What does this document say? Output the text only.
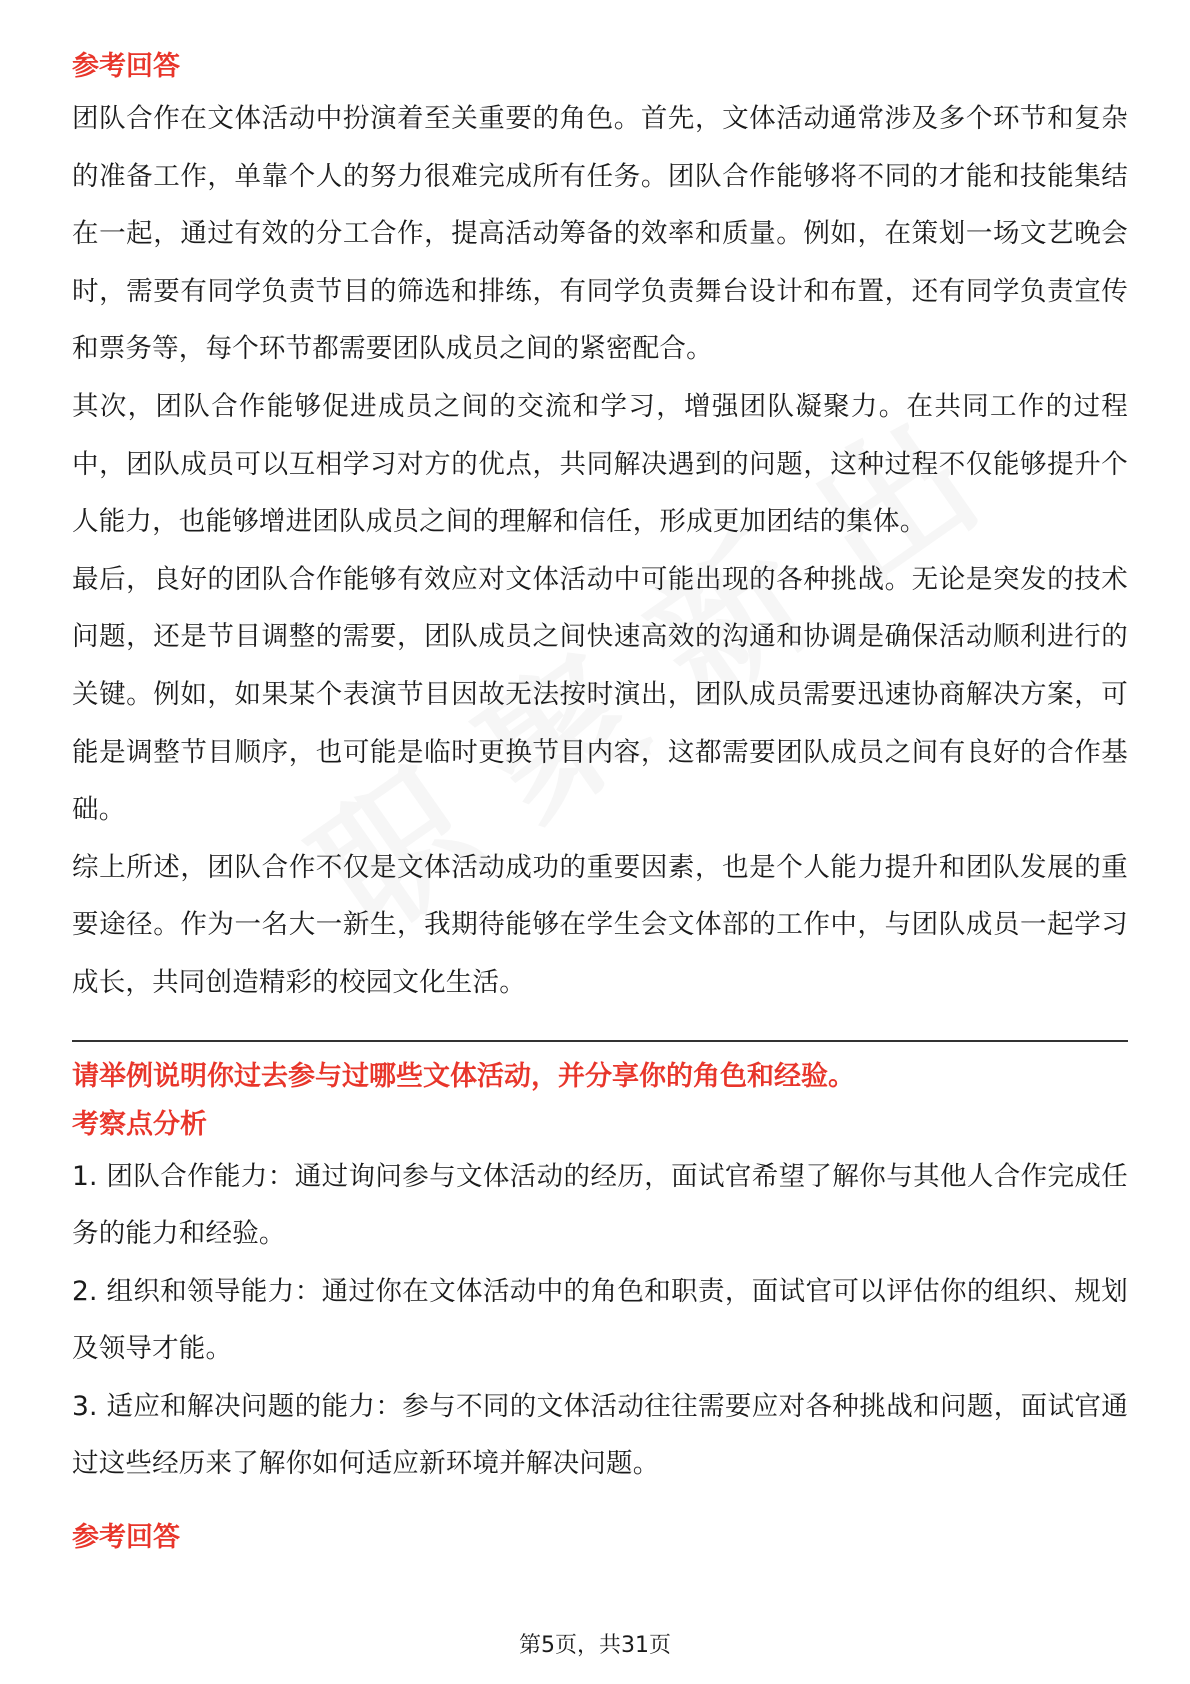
参考回答

团队合作在文体活动中扮演着至关重要的角色。首先，文体活动通常涉及多个环节和复杂的准备工作，单靠个人的努力很难完成所有任务。团队合作能够将不同的才能和技能集结在一起，通过有效的分工合作，提高活动筹备的效率和质量。例如，在策划一场文艺晚会时，需要有同学负责节目的筛选和排练，有同学负责舞台设计和布置，还有同学负责宣传和票务等，每个环节都需要团队成员之间的紧密配合。

其次，团队合作能够促进成员之间的交流和学习，增强团队凝聚力。在共同工作的过程中，团队成员可以互相学习对方的优点，共同解决遇到的问题，这种过程不仅能够提升个人能力，也能够增进团队成员之间的理解和信任，形成更加团结的集体。

最后，良好的团队合作能够有效应对文体活动中可能出现的各种挑战。无论是突发的技术问题，还是节目调整的需要，团队成员之间快速高效的沟通和协调是确保活动顺利进行的关键。例如，如果某个表演节目因故无法按时演出，团队成员需要迅速协商解决方案，可能是调整节目顺序，也可能是临时更换节目内容，这都需要团队成员之间有良好的合作基础。

综上所述，团队合作不仅是文体活动成功的重要因素，也是个人能力提升和团队发展的重要途径。作为一名大一新生，我期待能够在学生会文体部的工作中，与团队成员一起学习成长，共同创造精彩的校园文化生活。

请举例说明你过去参与过哪些文体活动，并分享你的角色和经验。
考察点分析

1. 团队合作能力：通过询问参与文体活动的经历，面试官希望了解你与其他人合作完成任务的能力和经验。

2. 组织和领导能力：通过你在文体活动中的角色和职责，面试官可以评估你的组织、规划及领导才能。

3. 适应和解决问题的能力：参与不同的文体活动往往需要应对各种挑战和问题，面试官通过这些经历来了解你如何适应新环境并解决问题。

参考回答
第5页，共31页
